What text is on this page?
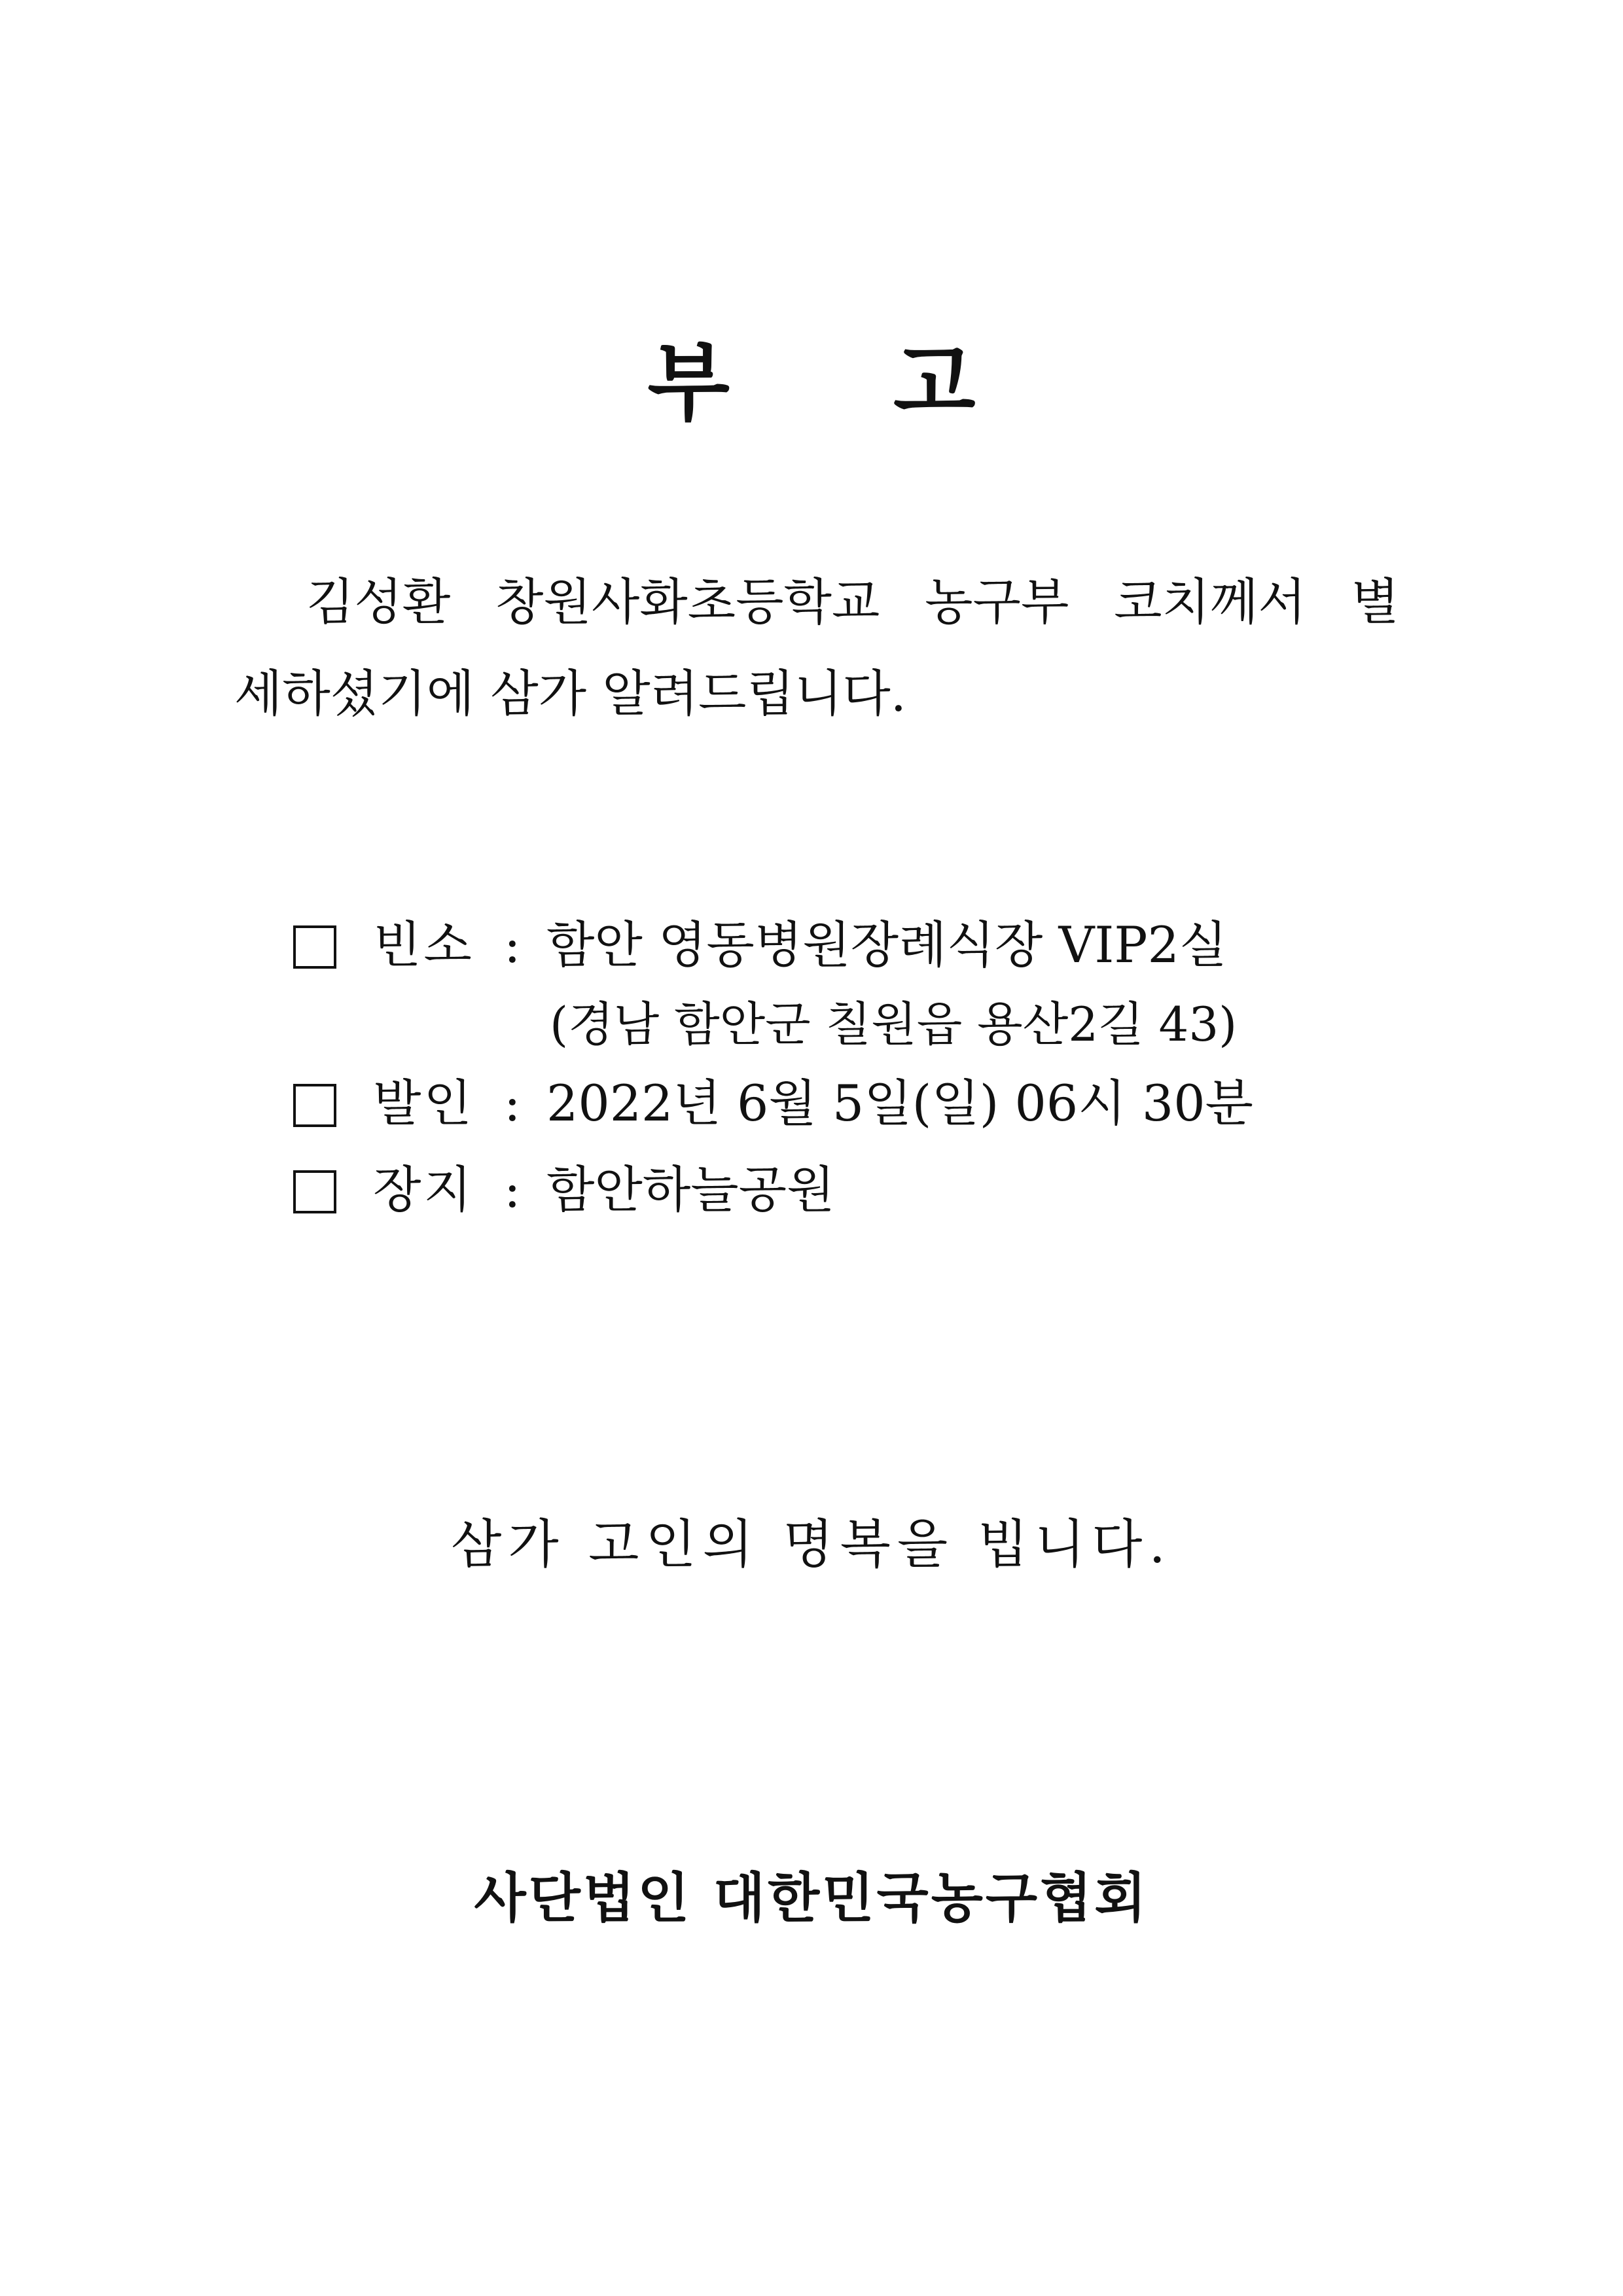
부 고
김성환 창원사화초등학교 농구부 코치께서 별
세하셨기에 삼가 알려드립니다.
빈소 : 함안 영동병원장례식장 VIP2실
(경남 함안군 칠원읍 용산2길 43)
발인 : 2022년 6월 5일(일) 06시 30분
장지 : 함안하늘공원
삼가 고인의 명복을 빕니다.
사단법인 대한민국농구협회
